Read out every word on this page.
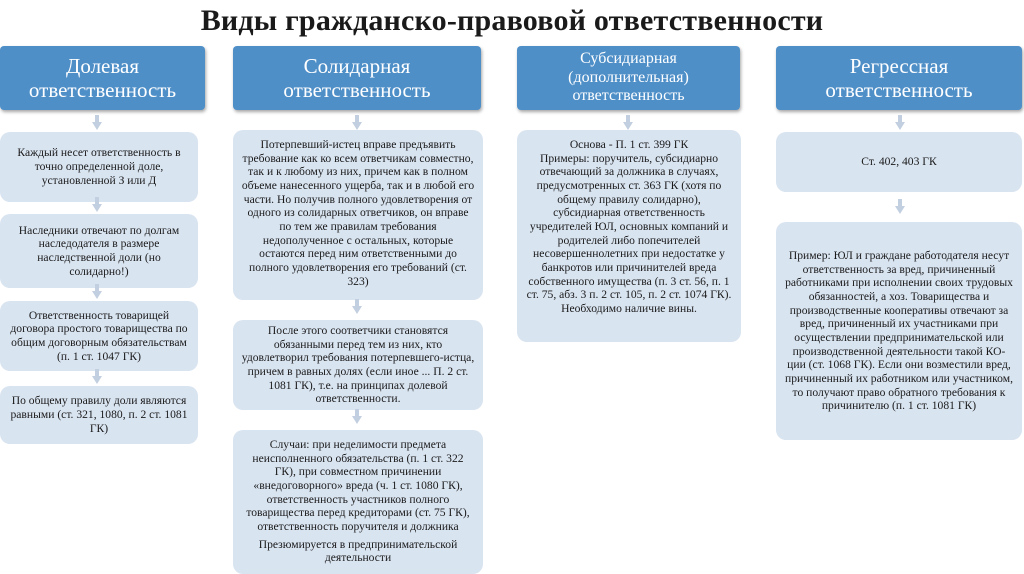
Виды гражданско-правовой ответственности
Долевая
ответственность
Каждый несет ответственность в точно определенной доле, установленной З или Д
Наследники отвечают по долгам наследодателя в размере наследственной доли (но солидарно!)
Ответственность товарищей договора простого товарищества по общим договорным обязательствам (п. 1 ст. 1047 ГК)
По общему правилу доли являются равными (ст. 321, 1080, п. 2 ст. 1081 ГК)
Солидарная
ответственность
Потерпевший-истец вправе предъявить требование как ко всем ответчикам совместно, так и к любому из них, причем как в полном объеме нанесенного ущерба, так и в любой его части. Но получив полного удовлетворения от одного из солидарных ответчиков, он вправе по тем же правилам требования недополученное с остальных, которые остаются перед ним ответственными до полного удовлетворения его требований (ст. 323)
После этого соответчики становятся обязанными перед тем из них, кто удовлетворил требования потерпевшего-истца, причем в равных долях (если иное ... П. 2 ст. 1081 ГК), т.е. на принципах долевой ответственности.
Случаи: при неделимости предмета неисполненного обязательства (п. 1 ст. 322 ГК), при совместном причинении «внедоговорного» вреда (ч. 1 ст. 1080 ГК), ответственность участников полного товарищества перед кредиторами (ст. 75 ГК), ответственность поручителя и должника
Презюмируется в предпринимательской деятельности
Субсидиарная
(дополнительная)
ответственность
Основа - П. 1 ст. 399 ГК
Примеры: поручитель, субсидиарно отвечающий за должника в случаях, предусмотренных ст. 363 ГК (хотя по общему правилу солидарно), субсидиарная ответственность учредителей ЮЛ, основных компаний и родителей либо попечителей несовершеннолетних при недостатке у банкротов или причинителей вреда собственного имущества (п. 3 ст. 56, п. 1 ст. 75, абз. 3 п. 2 ст. 105, п. 2 ст. 1074 ГК).
Необходимо наличие вины.
Регрессная
ответственность
Ст. 402, 403 ГК
Пример: ЮЛ и граждане работодателя несут ответственность за вред, причиненный работниками при исполнении своих трудовых обязанностей, а хоз. Товарищества и производственные кооперативы отвечают за вред, причиненный их участниками при осуществлении предпринимательской или производственной деятельности такой КО-ции (ст. 1068 ГК). Если они возместили вред, причиненный их работником или участником, то получают право обратного требования к причинителю (п. 1 ст. 1081 ГК)
